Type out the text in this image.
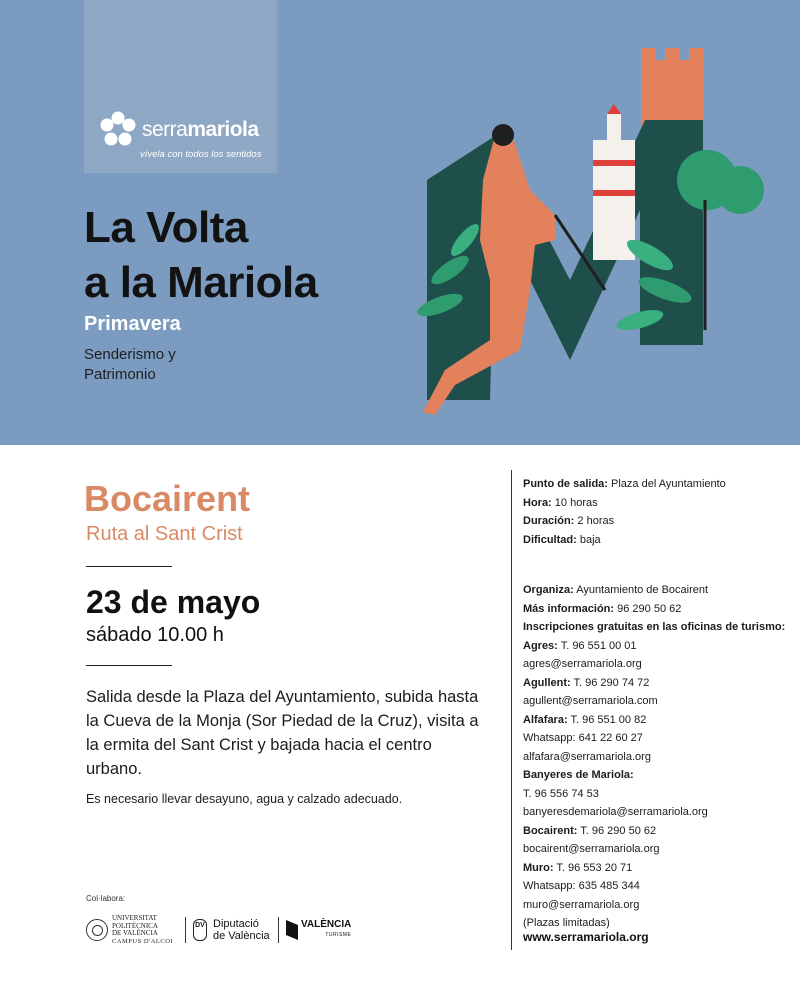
serramariola
vívela con todos los sentidos
La Volta
a la Mariola
Primavera
Senderismo y
Patrimonio
Bocairent
Ruta al Sant Crist
23 de mayo
sábado 10.00 h
Salida desde la Plaza del Ayuntamiento, subida hasta la Cueva de la Monja (Sor Piedad de la Cruz), visita a la ermita del Sant Crist y bajada hacia el centro urbano.
Es necesario llevar desayuno, agua y calzado adecuado.
Col·labora:
UNIVERSITAT
POLITÈCNICA
DE VALÈNCIA
CAMPUS D'ALCOI
DV Diputació
de València
VALÈNCIA
TURISME
Punto de salida: Plaza del Ayuntamiento
Hora: 10 horas
Duración: 2 horas
Dificultad: baja
Organiza: Ayuntamiento de Bocairent
Más información: 96 290 50 62
Inscripciones gratuitas en las oficinas de turismo:
Agres: T. 96 551 00 01
agres@serramariola.org
Agullent: T. 96 290 74 72
agullent@serramariola.com
Alfafara: T. 96 551 00 82
Whatsapp: 641 22 60 27
alfafara@serramariola.org
Banyeres de Mariola:
T. 96 556 74 53
banyeresdemariola@serramariola.org
Bocairent: T. 96 290 50 62
bocairent@serramariola.org
Muro: T. 96 553 20 71
Whatsapp: 635 485 344
muro@serramariola.org
(Plazas limitadas)
www.serramariola.org
